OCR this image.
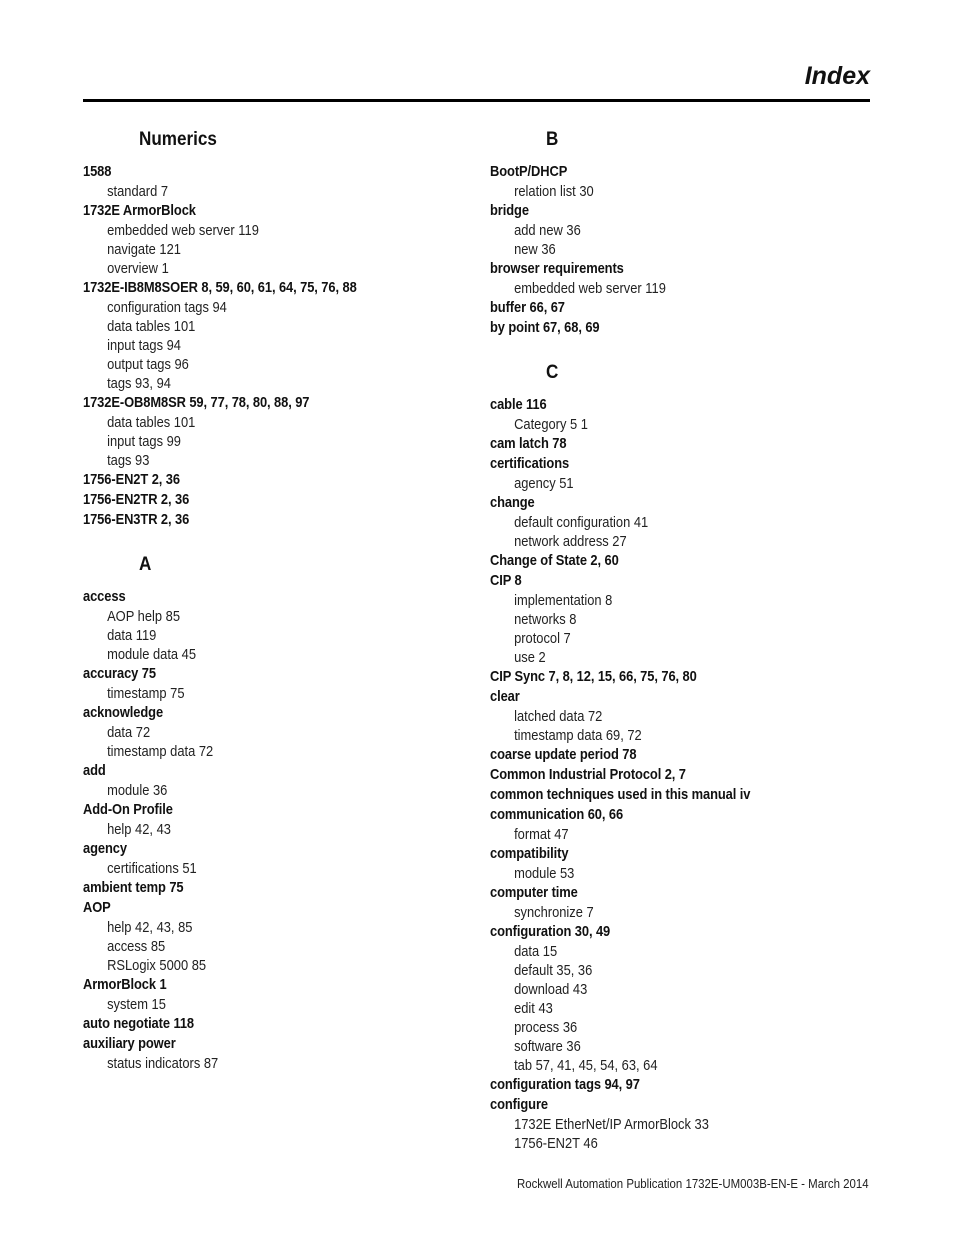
Index
Numerics
1588
standard 7
1732E ArmorBlock
embedded web server 119
navigate 121
overview 1
1732E-IB8M8SOER 8, 59, 60, 61, 64, 75, 76, 88
configuration tags 94
data tables 101
input tags 94
output tags 96
tags 93, 94
1732E-OB8M8SR 59, 77, 78, 80, 88, 97
data tables 101
input tags 99
tags 93
1756-EN2T 2, 36
1756-EN2TR 2, 36
1756-EN3TR 2, 36
A
access
AOP help 85
data 119
module data 45
accuracy 75
timestamp 75
acknowledge
data 72
timestamp data 72
add
module 36
Add-On Profile
help 42, 43
agency
certifications 51
ambient temp 75
AOP
help 42, 43, 85
access 85
RSLogix 5000 85
ArmorBlock 1
system 15
auto negotiate 118
auxiliary power
status indicators 87
B
BootP/DHCP
relation list 30
bridge
add new 36
new 36
browser requirements
embedded web server 119
buffer 66, 67
by point 67, 68, 69
C
cable 116
Category 5 1
cam latch 78
certifications
agency 51
change
default configuration 41
network address 27
Change of State 2, 60
CIP 8
implementation 8
networks 8
protocol 7
use 2
CIP Sync 7, 8, 12, 15, 66, 75, 76, 80
clear
latched data 72
timestamp data 69, 72
coarse update period 78
Common Industrial Protocol 2, 7
common techniques used in this manual iv
communication 60, 66
format 47
compatibility
module 53
computer time
synchronize 7
configuration 30, 49
data 15
default 35, 36
download 43
edit 43
process 36
software 36
tab 57, 41, 45, 54, 63, 64
configuration tags 94, 97
configure
1732E EtherNet/IP ArmorBlock 33
1756-EN2T 46
Rockwell Automation Publication 1732E-UM003B-EN-E - March 2014
